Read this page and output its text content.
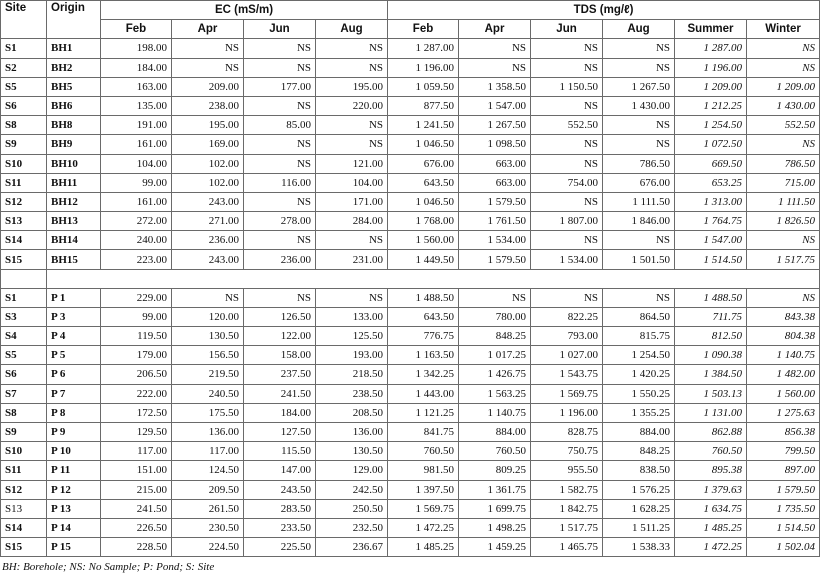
Site	Origin	EC (mS/m)				TDS (mg/ℓ)					
		Feb	Apr	Jun	Aug	Feb	Apr	Jun	Aug	Summer	Winter
S1	BH1	198.00	NS	NS	NS	1 287.00	NS	NS	NS	1 287.00	NS
S2	BH2	184.00	NS	NS	NS	1 196.00	NS	NS	NS	1 196.00	NS
S5	BH5	163.00	209.00	177.00	195.00	1 059.50	1 358.50	1 150.50	1 267.50	1 209.00	1 209.00
S6	BH6	135.00	238.00	NS	220.00	877.50	1 547.00	NS	1 430.00	1 212.25	1 430.00
S8	BH8	191.00	195.00	85.00	NS	1 241.50	1 267.50	552.50	NS	1 254.50	552.50
S9	BH9	161.00	169.00	NS	NS	1 046.50	1 098.50	NS	NS	1 072.50	NS
S10	BH10	104.00	102.00	NS	121.00	676.00	663.00	NS	786.50	669.50	786.50
S11	BH11	99.00	102.00	116.00	104.00	643.50	663.00	754.00	676.00	653.25	715.00
S12	BH12	161.00	243.00	NS	171.00	1 046.50	1 579.50	NS	1 111.50	1 313.00	1 111.50
S13	BH13	272.00	271.00	278.00	284.00	1 768.00	1 761.50	1 807.00	1 846.00	1 764.75	1 826.50
S14	BH14	240.00	236.00	NS	NS	1 560.00	1 534.00	NS	NS	1 547.00	NS
S15	BH15	223.00	243.00	236.00	231.00	1 449.50	1 579.50	1 534.00	1 501.50	1 514.50	1 517.75

S1	P 1	229.00	NS	NS	NS	1 488.50	NS	NS	NS	1 488.50	NS
S3	P 3	99.00	120.00	126.50	133.00	643.50	780.00	822.25	864.50	711.75	843.38
S4	P 4	119.50	130.50	122.00	125.50	776.75	848.25	793.00	815.75	812.50	804.38
S5	P 5	179.00	156.50	158.00	193.00	1 163.50	1 017.25	1 027.00	1 254.50	1 090.38	1 140.75
S6	P 6	206.50	219.50	237.50	218.50	1 342.25	1 426.75	1 543.75	1 420.25	1 384.50	1 482.00
S7	P 7	222.00	240.50	241.50	238.50	1 443.00	1 563.25	1 569.75	1 550.25	1 503.13	1 560.00
S8	P 8	172.50	175.50	184.00	208.50	1 121.25	1 140.75	1 196.00	1 355.25	1 131.00	1 275.63
S9	P 9	129.50	136.00	127.50	136.00	841.75	884.00	828.75	884.00	862.88	856.38
S10	P 10	117.00	117.00	115.50	130.50	760.50	760.50	750.75	848.25	760.50	799.50
S11	P 11	151.00	124.50	147.00	129.00	981.50	809.25	955.50	838.50	895.38	897.00
S12	P 12	215.00	209.50	243.50	242.50	1 397.50	1 361.75	1 582.75	1 576.25	1 379.63	1 579.50
S13	P 13	241.50	261.50	283.50	250.50	1 569.75	1 699.75	1 842.75	1 628.25	1 634.75	1 735.50
S14	P 14	226.50	230.50	233.50	232.50	1 472.25	1 498.25	1 517.75	1 511.25	1 485.25	1 514.50
S15	P 15	228.50	224.50	225.50	236.67	1 485.25	1 459.25	1 465.75	1 538.33	1 472.25	1 502.04
BH: Borehole; NS: No Sample; P: Pond; S: Site
